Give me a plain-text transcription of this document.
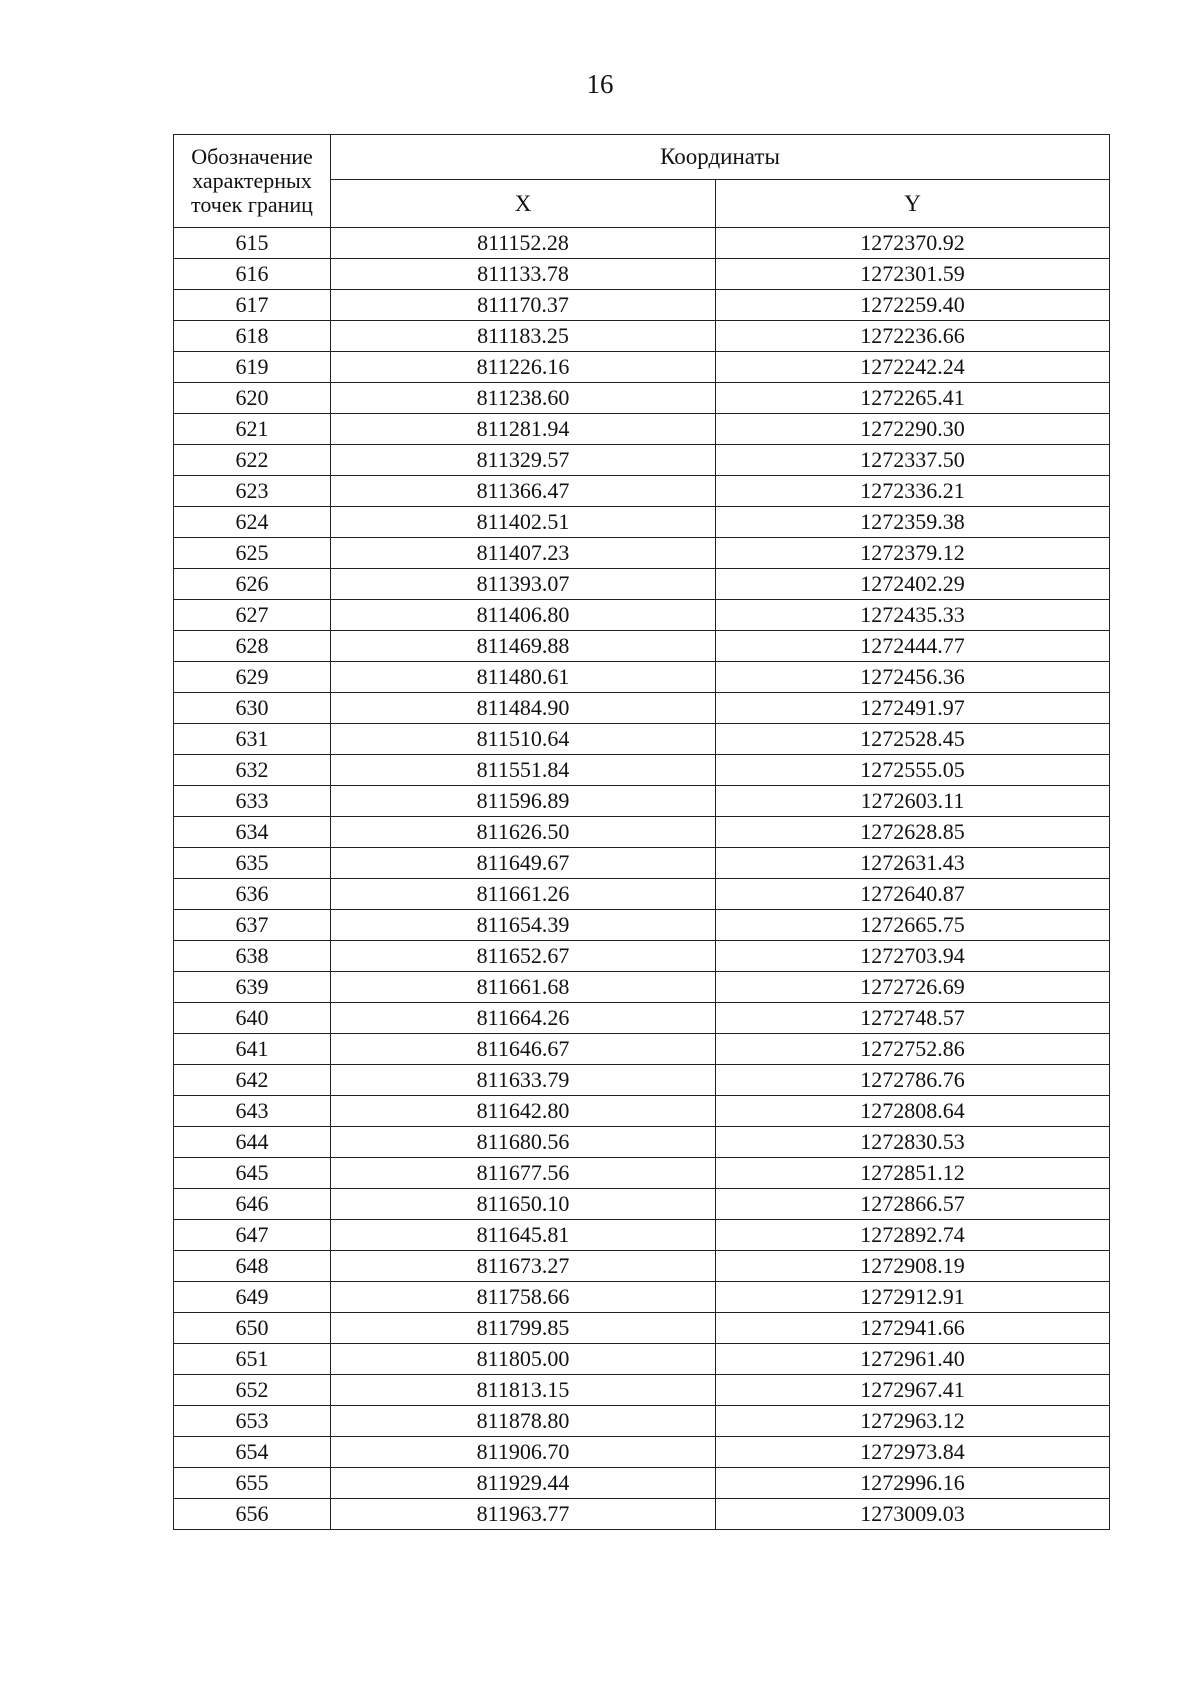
16
Обозначение характерных точек границ	Координаты	
	X	Y
615	811152.28	1272370.92
616	811133.78	1272301.59
617	811170.37	1272259.40
618	811183.25	1272236.66
619	811226.16	1272242.24
620	811238.60	1272265.41
621	811281.94	1272290.30
622	811329.57	1272337.50
623	811366.47	1272336.21
624	811402.51	1272359.38
625	811407.23	1272379.12
626	811393.07	1272402.29
627	811406.80	1272435.33
628	811469.88	1272444.77
629	811480.61	1272456.36
630	811484.90	1272491.97
631	811510.64	1272528.45
632	811551.84	1272555.05
633	811596.89	1272603.11
634	811626.50	1272628.85
635	811649.67	1272631.43
636	811661.26	1272640.87
637	811654.39	1272665.75
638	811652.67	1272703.94
639	811661.68	1272726.69
640	811664.26	1272748.57
641	811646.67	1272752.86
642	811633.79	1272786.76
643	811642.80	1272808.64
644	811680.56	1272830.53
645	811677.56	1272851.12
646	811650.10	1272866.57
647	811645.81	1272892.74
648	811673.27	1272908.19
649	811758.66	1272912.91
650	811799.85	1272941.66
651	811805.00	1272961.40
652	811813.15	1272967.41
653	811878.80	1272963.12
654	811906.70	1272973.84
655	811929.44	1272996.16
656	811963.77	1273009.03
